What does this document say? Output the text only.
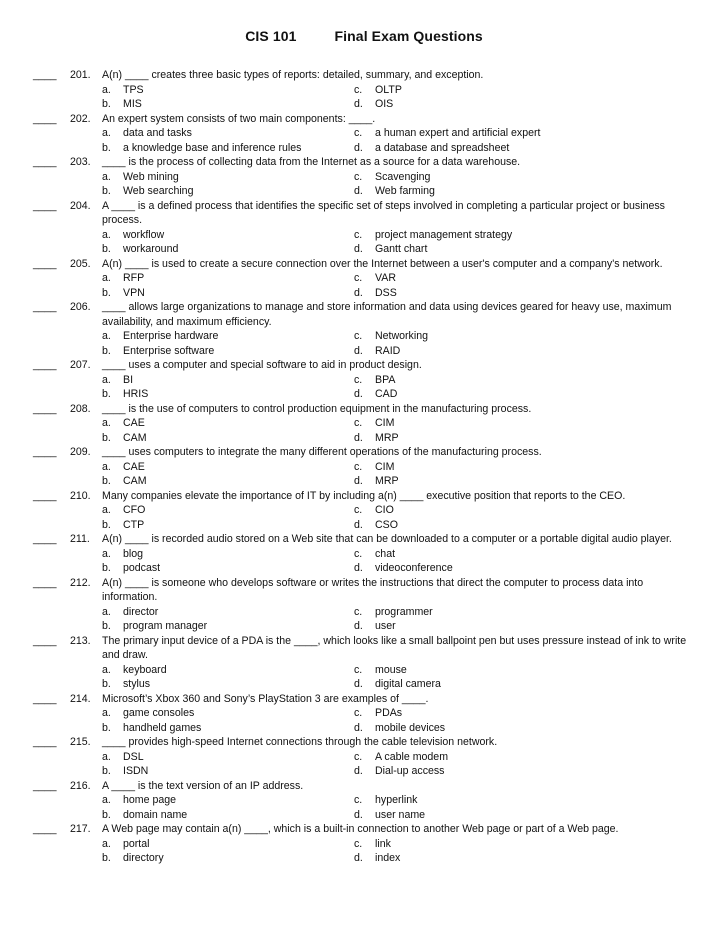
CIS 101	Final Exam Questions
____ 201. A(n) ____ creates three basic types of reports: detailed, summary, and exception.
a. TPS	c. OLTP
b. MIS	d. OIS
____ 202. An expert system consists of two main components: ____.
a. data and tasks	c. a human expert and artificial expert
b. a knowledge base and inference rules	d. a database and spreadsheet
____ 203. ____ is the process of collecting data from the Internet as a source for a data warehouse.
a. Web mining	c. Scavenging
b. Web searching	d. Web farming
____ 204. A ____ is a defined process that identifies the specific set of steps involved in completing a particular project or business process.
a. workflow	c. project management strategy
b. workaround	d. Gantt chart
____ 205. A(n) ____ is used to create a secure connection over the Internet between a user's computer and a company's network.
a. RFP	c. VAR
b. VPN	d. DSS
____ 206. ____ allows large organizations to manage and store information and data using devices geared for heavy use, maximum availability, and maximum efficiency.
a. Enterprise hardware	c. Networking
b. Enterprise software	d. RAID
____ 207. ____ uses a computer and special software to aid in product design.
a. BI	c. BPA
b. HRIS	d. CAD
____ 208. ____ is the use of computers to control production equipment in the manufacturing process.
a. CAE	c. CIM
b. CAM	d. MRP
____ 209. ____ uses computers to integrate the many different operations of the manufacturing process.
a. CAE	c. CIM
b. CAM	d. MRP
____ 210. Many companies elevate the importance of IT by including a(n) ____ executive position that reports to the CEO.
a. CFO	c. CIO
b. CTP	d. CSO
____ 211. A(n) ____ is recorded audio stored on a Web site that can be downloaded to a computer or a portable digital audio player.
a. blog	c. chat
b. podcast	d. videoconference
____ 212. A(n) ____ is someone who develops software or writes the instructions that direct the computer to process data into information.
a. director	c. programmer
b. program manager	d. user
____ 213. The primary input device of a PDA is the ____, which looks like a small ballpoint pen but uses pressure instead of ink to write and draw.
a. keyboard	c. mouse
b. stylus	d. digital camera
____ 214. Microsoft’s Xbox 360 and Sony’s PlayStation 3 are examples of ____.
a. game consoles	c. PDAs
b. handheld games	d. mobile devices
____ 215. ____ provides high-speed Internet connections through the cable television network.
a. DSL	c. A cable modem
b. ISDN	d. Dial-up access
____ 216. A ____ is the text version of an IP address.
a. home page	c. hyperlink
b. domain name	d. user name
____ 217. A Web page may contain a(n) ____, which is a built-in connection to another Web page or part of a Web page.
a. portal	c. link
b. directory	d. index
